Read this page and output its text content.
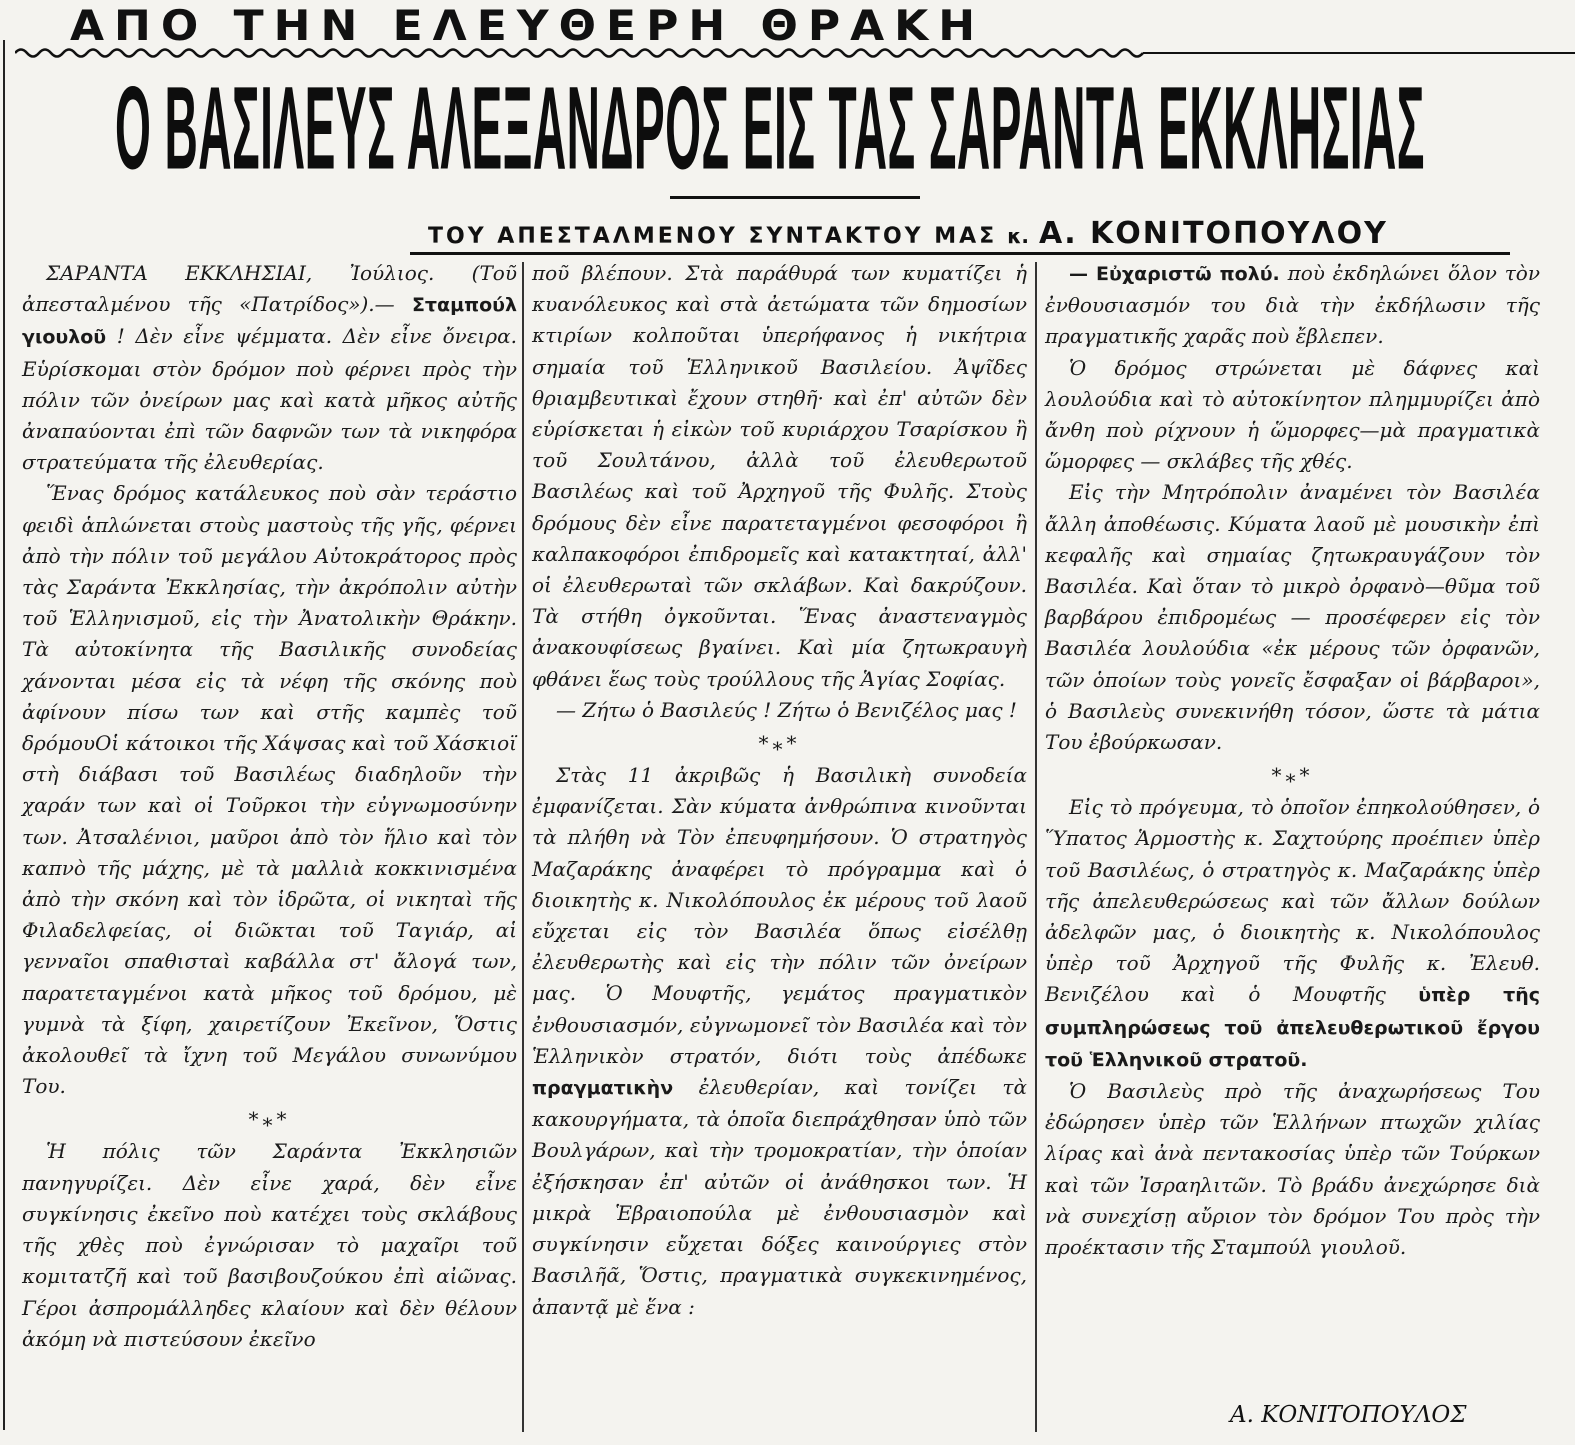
ΑΠΟ ΤΗΝ ΕΛΕΥΘΕΡΗ ΘΡΑΚΗ
Ο ΒΑΣΙΛΕΥΣ ΑΛΕΞΑΝΔΡΟΣ ΕΙΣ ΤΑΣ ΣΑΡΑΝΤΑ ΕΚΚΛΗΣΙΑΣ
ΤΟΥ ΑΠΕΣΤΑΛΜΕΝΟΥ ΣΥΝΤΑΚΤΟΥ ΜΑΣ κ. Α. ΚΟΝΙΤΟΠΟΥΛΟΥ

ΣΑΡΑΝΤΑ ΕΚΚΛΗΣΙΑΙ, Ἰούλιος. (Τοῦ ἀπεσταλμένου τῆς «Πατρίδος»).— Σταμπούλ γιουλοῦ ! Δὲν εἶνε ψέμματα. Δὲν εἶνε ὄνειρα. Εὑρίσκομαι στὸν δρόμον ποὺ φέρνει πρὸς τὴν πόλιν τῶν ὀνείρων μας καὶ κατὰ μῆκος αὐτῆς ἀναπαύονται ἐπὶ τῶν δαφνῶν των τὰ νικηφόρα στρατεύματα τῆς ἐλευθερίας.

Ἕνας δρόμος κατάλευκος ποὺ σὰν τεράστιο φειδὶ ἁπλώνεται στοὺς μαστοὺς τῆς γῆς, φέρνει ἀπὸ τὴν πόλιν τοῦ μεγάλου Αὐτοκράτορος πρὸς τὰς Σαράντα Ἐκκλησίας, τὴν ἀκρόπολιν αὐτὴν τοῦ Ἑλληνισμοῦ, εἰς τὴν Ἀνατολικὴν Θράκην. Τὰ αὐτοκίνητα τῆς Βασιλικῆς συνοδείας χάνονται μέσα εἰς τὰ νέφη τῆς σκόνης ποὺ ἀφίνουν πίσω των καὶ στῆς καμπὲς τοῦ δρόμουΟἱ κάτοικοι τῆς Χάψσας καὶ τοῦ Χάσκιοϊ στὴ διάβασι τοῦ Βασιλέως διαδηλοῦν τὴν χαράν των καὶ οἱ Τοῦρκοι τὴν εὐγνωμοσύνην των. Ἀτσαλένιοι, μαῦροι ἀπὸ τὸν ἥλιο καὶ τὸν καπνὸ τῆς μάχης, μὲ τὰ μαλλιὰ κοκκινισμένα ἀπὸ τὴν σκόνη καὶ τὸν ἱδρῶτα, οἱ νικηταὶ τῆς Φιλαδελφείας, οἱ διῶκται τοῦ Ταγιάρ, αἱ γενναῖοι σπαθισταὶ καβάλλα στ' ἄλογά των, παρατεταγμένοι κατὰ μῆκος τοῦ δρόμου, μὲ γυμνὰ τὰ ξίφη, χαιρετίζουν Ἐκεῖνον, Ὅστις ἀκολουθεῖ τὰ ἴχνη τοῦ Μεγάλου συνωνύμου Του.

*⁎*

Ἡ πόλις τῶν Σαράντα Ἐκκλησιῶν πανηγυρίζει. Δὲν εἶνε χαρά, δὲν εἶνε συγκίνησις ἐκεῖνο ποὺ κατέχει τοὺς σκλάβους τῆς χθὲς ποὺ ἐγνώρισαν τὸ μαχαῖρι τοῦ κομιτατζῆ καὶ τοῦ βασιβουζούκου ἐπὶ αἰῶνας. Γέροι ἀσπρομάλληδες κλαίουν καὶ δὲν θέλουν ἀκόμη νὰ πιστεύσουν ἐκεῖνο

ποῦ βλέπουν. Στὰ παράθυρά των κυματίζει ἡ κυανόλευκος καὶ στὰ ἀετώματα τῶν δημοσίων κτιρίων κολποῦται ὑπερήφανος ἡ νικήτρια σημαία τοῦ Ἑλληνικοῦ Βασιλείου. Ἀψῖδες θριαμβευτικαὶ ἔχουν στηθῆ· καὶ ἐπ' αὐτῶν δὲν εὑρίσκεται ἡ εἰκὼν τοῦ κυριάρχου Τσαρίσκου ἢ τοῦ Σουλτάνου, ἀλλὰ τοῦ ἐλευθερωτοῦ Βασιλέως καὶ τοῦ Ἀρχηγοῦ τῆς Φυλῆς. Στοὺς δρόμους δὲν εἶνε παρατεταγμένοι φεσοφόροι ἢ καλπακοφόροι ἐπιδρομεῖς καὶ κατακτηταί, ἀλλ' οἱ ἐλευθερωταὶ τῶν σκλάβων. Καὶ δακρύζουν. Τὰ στήθη ὀγκοῦνται. Ἕνας ἀναστεναγμὸς ἀνακουφίσεως βγαίνει. Καὶ μία ζητωκραυγὴ φθάνει ἕως τοὺς τρούλλους τῆς Ἁγίας Σοφίας.

— Ζήτω ὁ Βασιλεύς ! Ζήτω ὁ Βενιζέλος μας !

*⁎*

Στὰς 11 ἀκριβῶς ἡ Βασιλικὴ συνοδεία ἐμφανίζεται. Σὰν κύματα ἀνθρώπινα κινοῦνται τὰ πλήθη νὰ Τὸν ἐπευφημήσουν. Ὁ στρατηγὸς Μαζαράκης ἀναφέρει τὸ πρόγραμμα καὶ ὁ διοικητὴς κ. Νικολόπουλος ἐκ μέρους τοῦ λαοῦ εὔχεται εἰς τὸν Βασιλέα ὅπως εἰσέλθῃ ἐλευθερωτὴς καὶ εἰς τὴν πόλιν τῶν ὀνείρων μας. Ὁ Μουφτῆς, γεμάτος πραγματικὸν ἐνθουσιασμόν, εὐγνωμονεῖ τὸν Βασιλέα καὶ τὸν Ἑλληνικὸν στρατόν, διότι τοὺς ἀπέδωκε πραγματικὴν ἐλευθερίαν, καὶ τονίζει τὰ κακουργήματα, τὰ ὁποῖα διεπράχθησαν ὑπὸ τῶν Βουλγάρων, καὶ τὴν τρομοκρατίαν, τὴν ὁποίαν ἐξήσκησαν ἐπ' αὐτῶν οἱ ἀνάθησκοι των. Ἡ μικρὰ Ἑβραιοπούλα μὲ ἐνθουσιασμὸν καὶ συγκίνησιν εὔχεται δόξες καινούργιες στὸν Βασιλῆᾶ, Ὅστις, πραγματικὰ συγκεκινημένος, ἀπαντᾷ μὲ ἕνα :

— Εὐχαριστῶ πολύ. ποὺ ἐκδηλώνει ὅλον τὸν ἐνθουσιασμόν του διὰ τὴν ἐκδήλωσιν τῆς πραγματικῆς χαρᾶς ποὺ ἔβλεπεν.

Ὁ δρόμος στρώνεται μὲ δάφνες καὶ λουλούδια καὶ τὸ αὐτοκίνητον πλημμυρίζει ἀπὸ ἄνθη ποὺ ρίχνουν ἡ ὥμορφες—μὰ πραγματικὰ ὥμορφες — σκλάβες τῆς χθές.

Εἰς τὴν Μητρόπολιν ἀναμένει τὸν Βασιλέα ἄλλη ἀποθέωσις. Κύματα λαοῦ μὲ μουσικὴν ἐπὶ κεφαλῆς καὶ σημαίας ζητωκραυγάζουν τὸν Βασιλέα. Καὶ ὅταν τὸ μικρὸ ὀρφανὸ—θῦμα τοῦ βαρβάρου ἐπιδρομέως — προσέφερεν εἰς τὸν Βασιλέα λουλούδια «ἐκ μέρους τῶν ὀρφανῶν, τῶν ὁποίων τοὺς γονεῖς ἔσφαξαν οἱ βάρβαροι», ὁ Βασιλεὺς συνεκινήθη τόσον, ὥστε τὰ μάτια Του ἐβούρκωσαν.

*⁎*

Εἰς τὸ πρόγευμα, τὸ ὁποῖον ἐπηκολούθησεν, ὁ Ὕπατος Ἁρμοστὴς κ. Σαχτούρης προέπιεν ὑπὲρ τοῦ Βασιλέως, ὁ στρατηγὸς κ. Μαζαράκης ὑπὲρ τῆς ἀπελευθερώσεως καὶ τῶν ἄλλων δούλων ἀδελφῶν μας, ὁ διοικητὴς κ. Νικολόπουλος ὑπὲρ τοῦ Ἀρχηγοῦ τῆς Φυλῆς κ. Ἐλευθ. Βενιζέλου καὶ ὁ Μουφτῆς ὑπὲρ τῆς συμπληρώσεως τοῦ ἀπελευθερωτικοῦ ἔργου τοῦ Ἑλληνικοῦ στρατοῦ.

Ὁ Βασιλεὺς πρὸ τῆς ἀναχωρήσεως Του ἐδώρησεν ὑπὲρ τῶν Ἑλλήνων πτωχῶν χιλίας λίρας καὶ ἀνὰ πεντακοσίας ὑπὲρ τῶν Τούρκων καὶ τῶν Ἰσραηλιτῶν. Τὸ βράδυ ἀνεχώρησε διὰ νὰ συνεχίσῃ αὔριον τὸν δρόμον Του πρὸς τὴν προέκτασιν τῆς Σταμπούλ γιουλοῦ.

Α. ΚΟΝΙΤΟΠΟΥΛΟΣ
